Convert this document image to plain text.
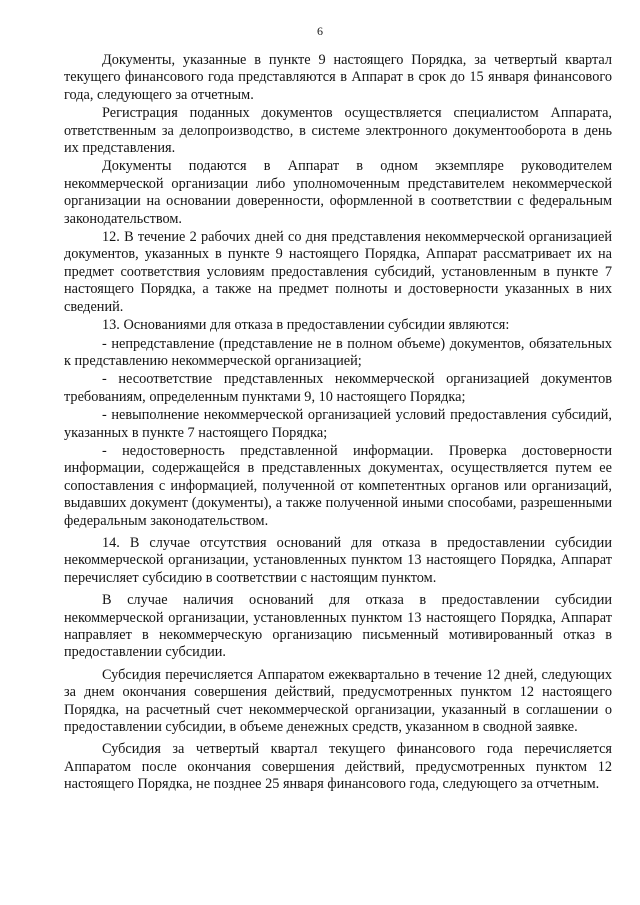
6

Документы, указанные в пункте 9 настоящего Порядка, за четвертый квартал текущего финансового года представляются в Аппарат в срок до 15 января финансового года, следующего за отчетным.

Регистрация поданных документов осуществляется специалистом Аппарата, ответственным за делопроизводство, в системе электронного документооборота в день их представления.

Документы подаются в Аппарат в одном экземпляре руководителем некоммерческой организации либо уполномоченным представителем некоммерческой организации на основании доверенности, оформленной в соответствии с федеральным законодательством.

12. В течение 2 рабочих дней со дня представления некоммерческой организацией документов, указанных в пункте 9 настоящего Порядка, Аппарат рассматривает их на предмет соответствия условиям предоставления субсидий, установленным в пункте 7 настоящего Порядка, а также на предмет полноты и достоверности указанных в них сведений.

13. Основаниями для отказа в предоставлении субсидии являются:

- непредставление (представление не в полном объеме) документов, обязательных к представлению некоммерческой организацией;

- несоответствие представленных некоммерческой организацией документов требованиям, определенным пунктами 9, 10 настоящего Порядка;

- невыполнение некоммерческой организацией условий предоставления субсидий, указанных в пункте 7 настоящего Порядка;

- недостоверность представленной информации. Проверка достоверности информации, содержащейся в представленных документах, осуществляется путем ее сопоставления с информацией, полученной от компетентных органов или организаций, выдавших документ (документы), а также полученной иными способами, разрешенными федеральным законодательством.

14. В случае отсутствия оснований для отказа в предоставлении субсидии некоммерческой организации, установленных пунктом 13 настоящего Порядка, Аппарат перечисляет субсидию в соответствии с настоящим пунктом.

В случае наличия оснований для отказа в предоставлении субсидии некоммерческой организации, установленных пунктом 13 настоящего Порядка, Аппарат направляет в некоммерческую организацию письменный мотивированный отказ в предоставлении субсидии.

Субсидия перечисляется Аппаратом ежеквартально в течение 12 дней, следующих за днем окончания совершения действий, предусмотренных пунктом 12 настоящего Порядка, на расчетный счет некоммерческой организации, указанный в соглашении о предоставлении субсидии, в объеме денежных средств, указанном в сводной заявке.

Субсидия за четвертый квартал текущего финансового года перечисляется Аппаратом после окончания совершения действий, предусмотренных пунктом 12 настоящего Порядка, не позднее 25 января финансового года, следующего за отчетным.
